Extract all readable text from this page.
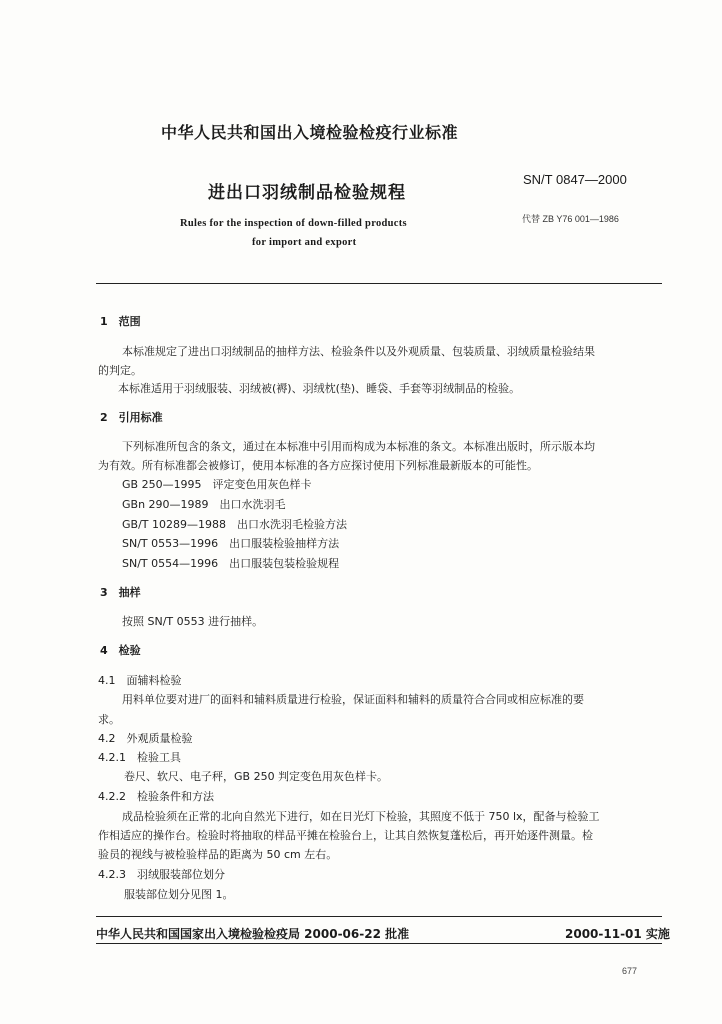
中华人民共和国出入境检验检疫行业标准
SN/T 0847—2000
进出口羽绒制品检验规程
代替 ZB Y76 001—1986
Rules for the inspection of down-filled products
for import and export
1　范围
本标准规定了进出口羽绒制品的抽样方法、检验条件以及外观质量、包装质量、羽绒质量检验结果
的判定。
本标准适用于羽绒服装、羽绒被(褥)、羽绒枕(垫)、睡袋、手套等羽绒制品的检验。
2　引用标准
下列标准所包含的条文，通过在本标准中引用而构成为本标准的条文。本标准出版时，所示版本均
为有效。所有标准都会被修订，使用本标准的各方应探讨使用下列标准最新版本的可能性。
GB 250—1995　评定变色用灰色样卡
GBn 290—1989　出口水洗羽毛
GB/T 10289—1988　出口水洗羽毛检验方法
SN/T 0553—1996　出口服装检验抽样方法
SN/T 0554—1996　出口服装包装检验规程
3　抽样
按照 SN/T 0553 进行抽样。
4　检验
4.1　面辅料检验
用料单位要对进厂的面料和辅料质量进行检验，保证面料和辅料的质量符合合同或相应标准的要
求。
4.2　外观质量检验
4.2.1　检验工具
卷尺、软尺、电子秤，GB 250 判定变色用灰色样卡。
4.2.2　检验条件和方法
成品检验须在正常的北向自然光下进行，如在日光灯下检验，其照度不低于 750 lx，配备与检验工
作相适应的操作台。检验时将抽取的样品平摊在检验台上，让其自然恢复蓬松后，再开始逐件测量。检
验员的视线与被检验样品的距离为 50 cm 左右。
4.2.3　羽绒服装部位划分
服装部位划分见图 1。
中华人民共和国国家出入境检验检疫局 2000-06-22 批准	2000-11-01 实施
677
